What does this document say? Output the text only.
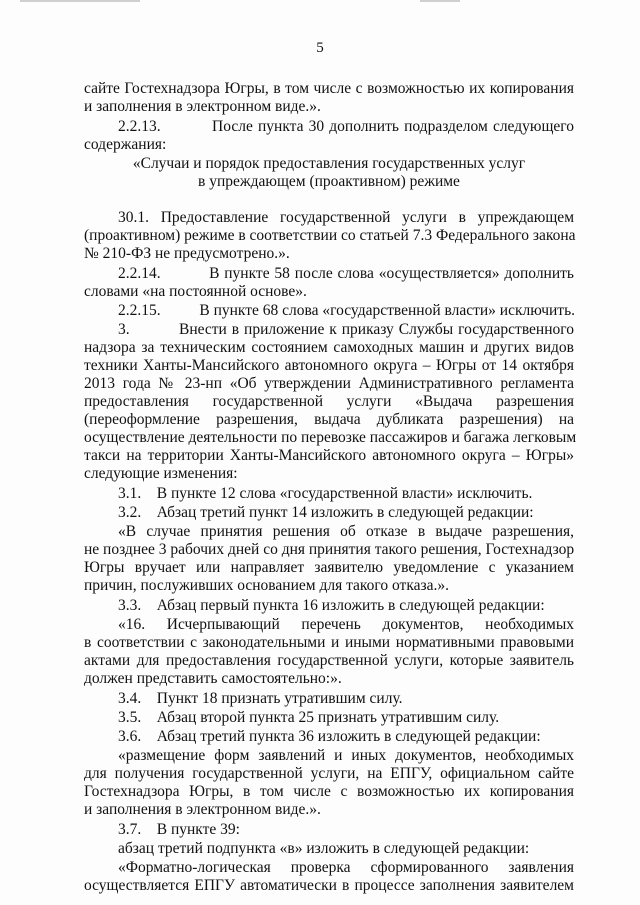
5
сайте Гостехнадзора Югры, в том числе с возможностью их копирования
и заполнения в электронном виде.».
2.2.13.          После пункта 30 дополнить подразделом следующего
содержания:
«Случаи и порядок предоставления государственных услуг
в упреждающем (проактивном) режиме
30.1. Предоставление государственной услуги в упреждающем
(проактивном) режиме в соответствии со статьей 7.3 Федерального закона
№ 210-ФЗ не предусмотрено.».
2.2.14.          В пункте 58 после слова «осуществляется» дополнить
словами «на постоянной основе».
2.2.15.          В пункте 68 слова «государственной власти» исключить.
3.          Внести в приложение к приказу Службы государственного
надзора за техническим состоянием самоходных машин и других видов
техники Ханты-Мансийского автономного округа – Югры от 14 октября
2013 года № 23-нп «Об утверждении Административного регламента
предоставления государственной услуги «Выдача разрешения
(переоформление разрешения, выдача дубликата разрешения) на
осуществление деятельности по перевозке пассажиров и багажа легковым
такси на территории Ханты-Мансийского автономного округа – Югры»
следующие изменения:
3.1.    В пункте 12 слова «государственной власти» исключить.
3.2.    Абзац третий пункт 14 изложить в следующей редакции:
«В случае принятия решения об отказе в выдаче разрешения,
не позднее 3 рабочих дней со дня принятия такого решения, Гостехнадзор
Югры вручает или направляет заявителю уведомление с указанием
причин, послуживших основанием для такого отказа.».
3.3.    Абзац первый пункта 16 изложить в следующей редакции:
«16. Исчерпывающий перечень документов, необходимых
в соответствии с законодательными и иными нормативными правовыми
актами для предоставления государственной услуги, которые заявитель
должен представить самостоятельно:».
3.4.    Пункт 18 признать утратившим силу.
3.5.    Абзац второй пункта 25 признать утратившим силу.
3.6.    Абзац третий пункта 36 изложить в следующей редакции:
«размещение форм заявлений и иных документов, необходимых
для получения государственной услуги, на ЕПГУ, официальном сайте
Гостехнадзора Югры, в том числе с возможностью их копирования
и заполнения в электронном виде.».
3.7.    В пункте 39:
абзац третий подпункта «в» изложить в следующей редакции:
«Форматно-логическая проверка сформированного заявления
осуществляется ЕПГУ автоматически в процессе заполнения заявителем
